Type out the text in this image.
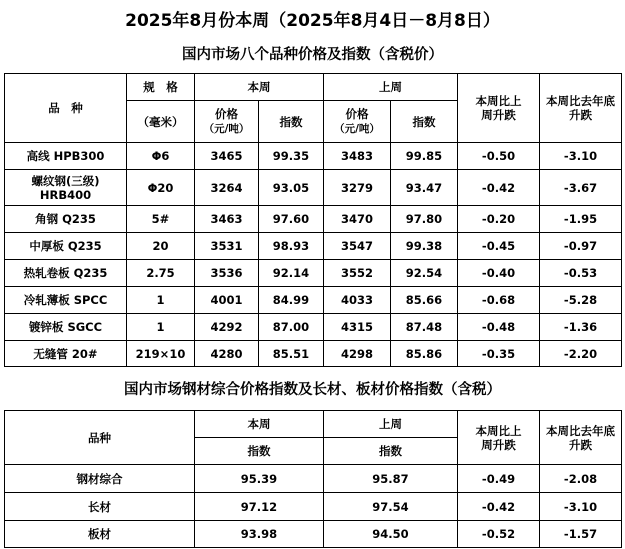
2025年8月份本周（2025年8月4日－8月8日）
国内市场八个品种价格及指数（含税价）
品　种	规　格	本周		上周		本周比上
周升跌	本周比去年底
升跌
	（毫米）	价格
（元/吨）	指数	价格
（元/吨）	指数		
高线 HPB300	Φ6	3465	99.35	3483	99.85	-0.50	-3.10
螺纹钢(三级)
HRB400	Φ20	3264	93.05	3279	93.47	-0.42	-3.67
角钢 Q235	5#	3463	97.60	3470	97.80	-0.20	-1.95
中厚板 Q235	20	3531	98.93	3547	99.38	-0.45	-0.97
热轧卷板 Q235	2.75	3536	92.14	3552	92.54	-0.40	-0.53
冷轧薄板 SPCC	1	4001	84.99	4033	85.66	-0.68	-5.28
镀锌板 SGCC	1	4292	87.00	4315	87.48	-0.48	-1.36
无缝管 20#	219×10	4280	85.51	4298	85.86	-0.35	-2.20
国内市场钢材综合价格指数及长材、板材价格指数（含税）
品种	本周	上周	本周比上
周升跌	本周比去年底
升跌
	指数	指数		
钢材综合	95.39	95.87	-0.49	-2.08
长材	97.12	97.54	-0.42	-3.10
板材	93.98	94.50	-0.52	-1.57
